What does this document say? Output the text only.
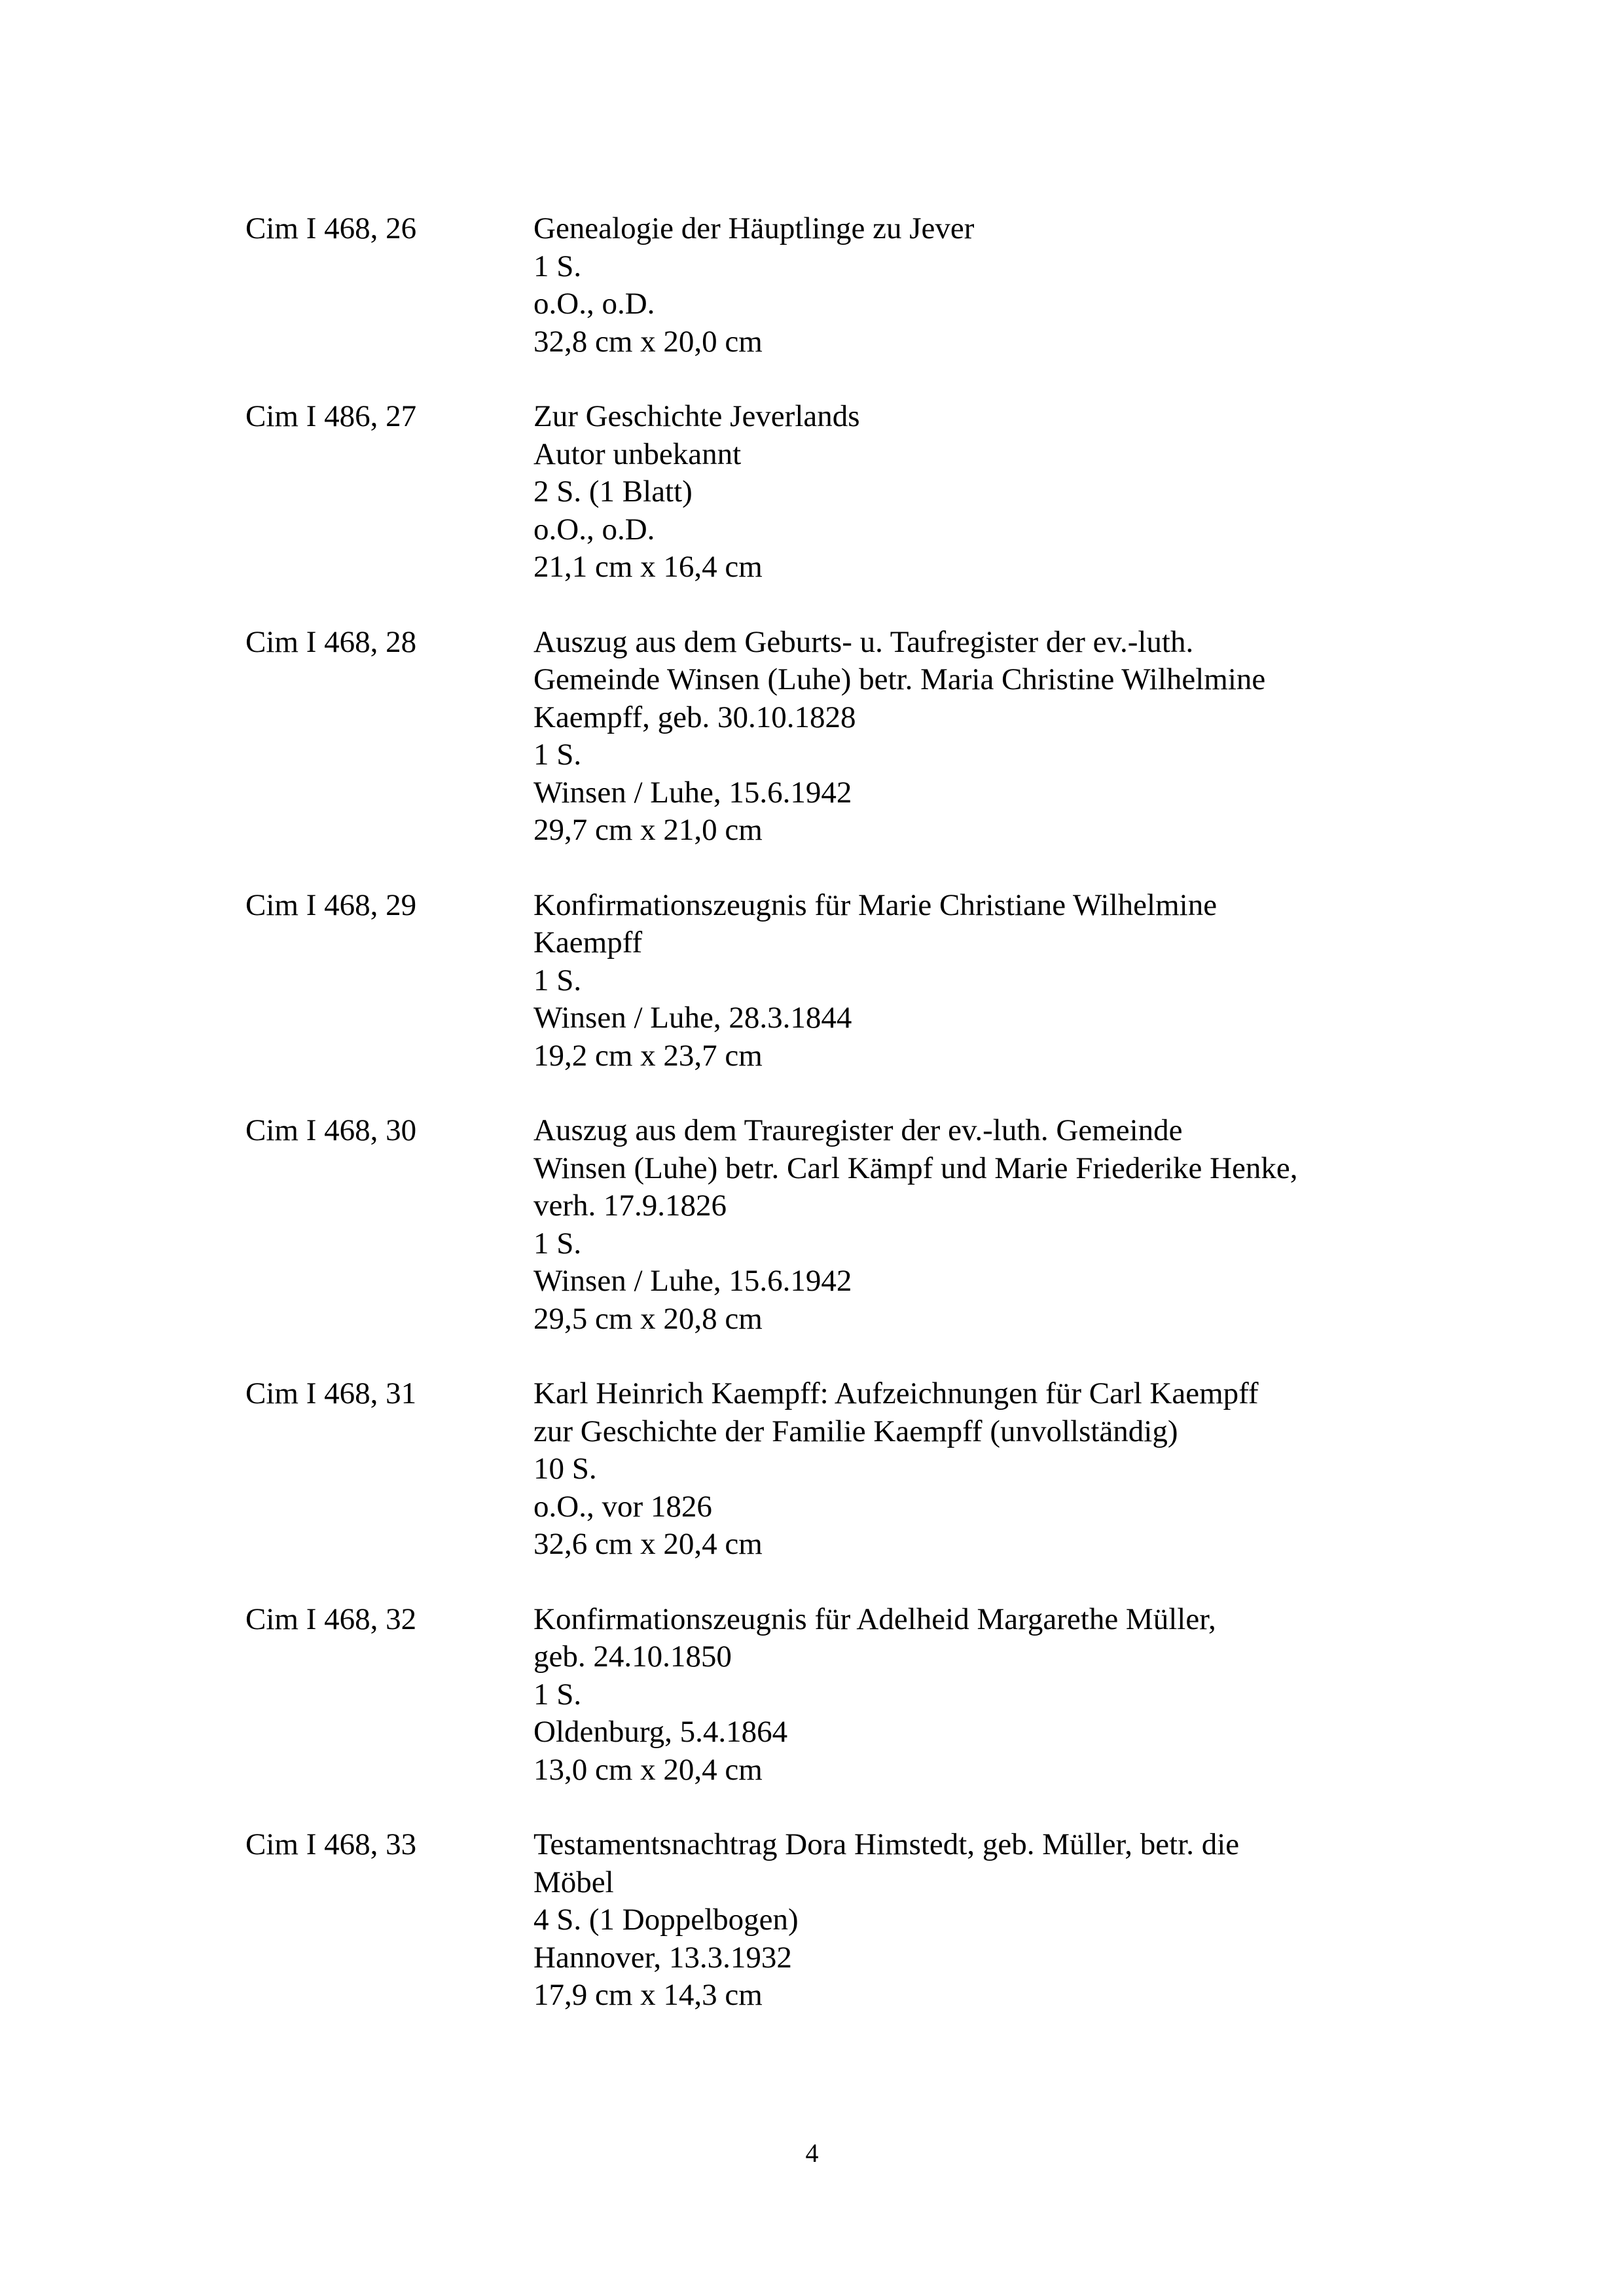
Cim I 468, 26	Genealogie der Häuptlinge zu Jever
1 S.
o.O., o.D.
32,8 cm x 20,0 cm
Cim I 486, 27	Zur Geschichte Jeverlands
Autor unbekannt
2 S. (1 Blatt)
o.O., o.D.
21,1 cm x 16,4 cm
Cim I 468, 28	Auszug aus dem Geburts- u. Taufregister der ev.-luth.
Gemeinde Winsen (Luhe) betr. Maria Christine Wilhelmine
Kaempff, geb. 30.10.1828
1 S.
Winsen / Luhe, 15.6.1942
29,7 cm x 21,0 cm
Cim I 468, 29	Konfirmationszeugnis für Marie Christiane Wilhelmine
Kaempff
1 S.
Winsen / Luhe, 28.3.1844
19,2 cm x 23,7 cm
Cim I 468, 30	Auszug aus dem Trauregister der ev.-luth. Gemeinde
Winsen (Luhe) betr. Carl Kämpf und Marie Friederike Henke,
verh. 17.9.1826
1 S.
Winsen / Luhe, 15.6.1942
29,5 cm x 20,8 cm
Cim I 468, 31	Karl Heinrich Kaempff: Aufzeichnungen für Carl Kaempff
zur Geschichte der Familie Kaempff (unvollständig)
10 S.
o.O., vor 1826
32,6 cm x 20,4 cm
Cim I 468, 32	Konfirmationszeugnis für Adelheid Margarethe Müller,
geb. 24.10.1850
1 S.
Oldenburg, 5.4.1864
13,0 cm x 20,4 cm
Cim I 468, 33	Testamentsnachtrag Dora Himstedt, geb. Müller, betr. die
Möbel
4 S. (1 Doppelbogen)
Hannover, 13.3.1932
17,9 cm x 14,3 cm
4
